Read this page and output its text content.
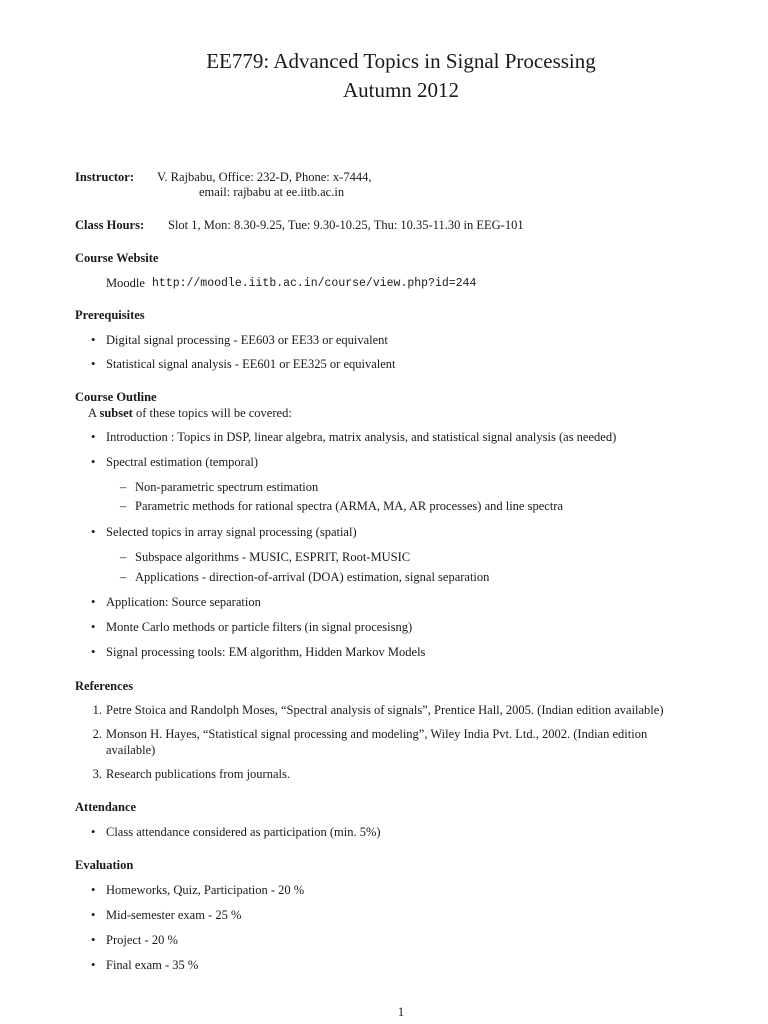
EE779: Advanced Topics in Signal Processing
Autumn 2012
Instructor: V. Rajbabu, Office: 232-D, Phone: x-7444,
email: rajbabu at ee.iitb.ac.in
Class Hours: Slot 1, Mon: 8.30-9.25, Tue: 9.30-10.25, Thu: 10.35-11.30 in EEG-101
Course Website
Moodle http://moodle.iitb.ac.in/course/view.php?id=244
Prerequisites
• Digital signal processing - EE603 or EE33 or equivalent
• Statistical signal analysis - EE601 or EE325 or equivalent
Course Outline
A subset of these topics will be covered:
• Introduction : Topics in DSP, linear algebra, matrix analysis, and statistical signal analysis (as needed)
• Spectral estimation (temporal)
– Non-parametric spectrum estimation
– Parametric methods for rational spectra (ARMA, MA, AR processes) and line spectra
• Selected topics in array signal processing (spatial)
– Subspace algorithms - MUSIC, ESPRIT, Root-MUSIC
– Applications - direction-of-arrival (DOA) estimation, signal separation
• Application: Source separation
• Monte Carlo methods or particle filters (in signal procesisng)
• Signal processing tools: EM algorithm, Hidden Markov Models
References
1. Petre Stoica and Randolph Moses, “Spectral analysis of signals”, Prentice Hall, 2005. (Indian edition available)
2. Monson H. Hayes, “Statistical signal processing and modeling”, Wiley India Pvt. Ltd., 2002. (Indian edition
available)
3. Research publications from journals.
Attendance
• Class attendance considered as participation (min. 5%)
Evaluation
• Homeworks, Quiz, Participation - 20 %
• Mid-semester exam - 25 %
• Project - 20 %
• Final exam - 35 %
1
